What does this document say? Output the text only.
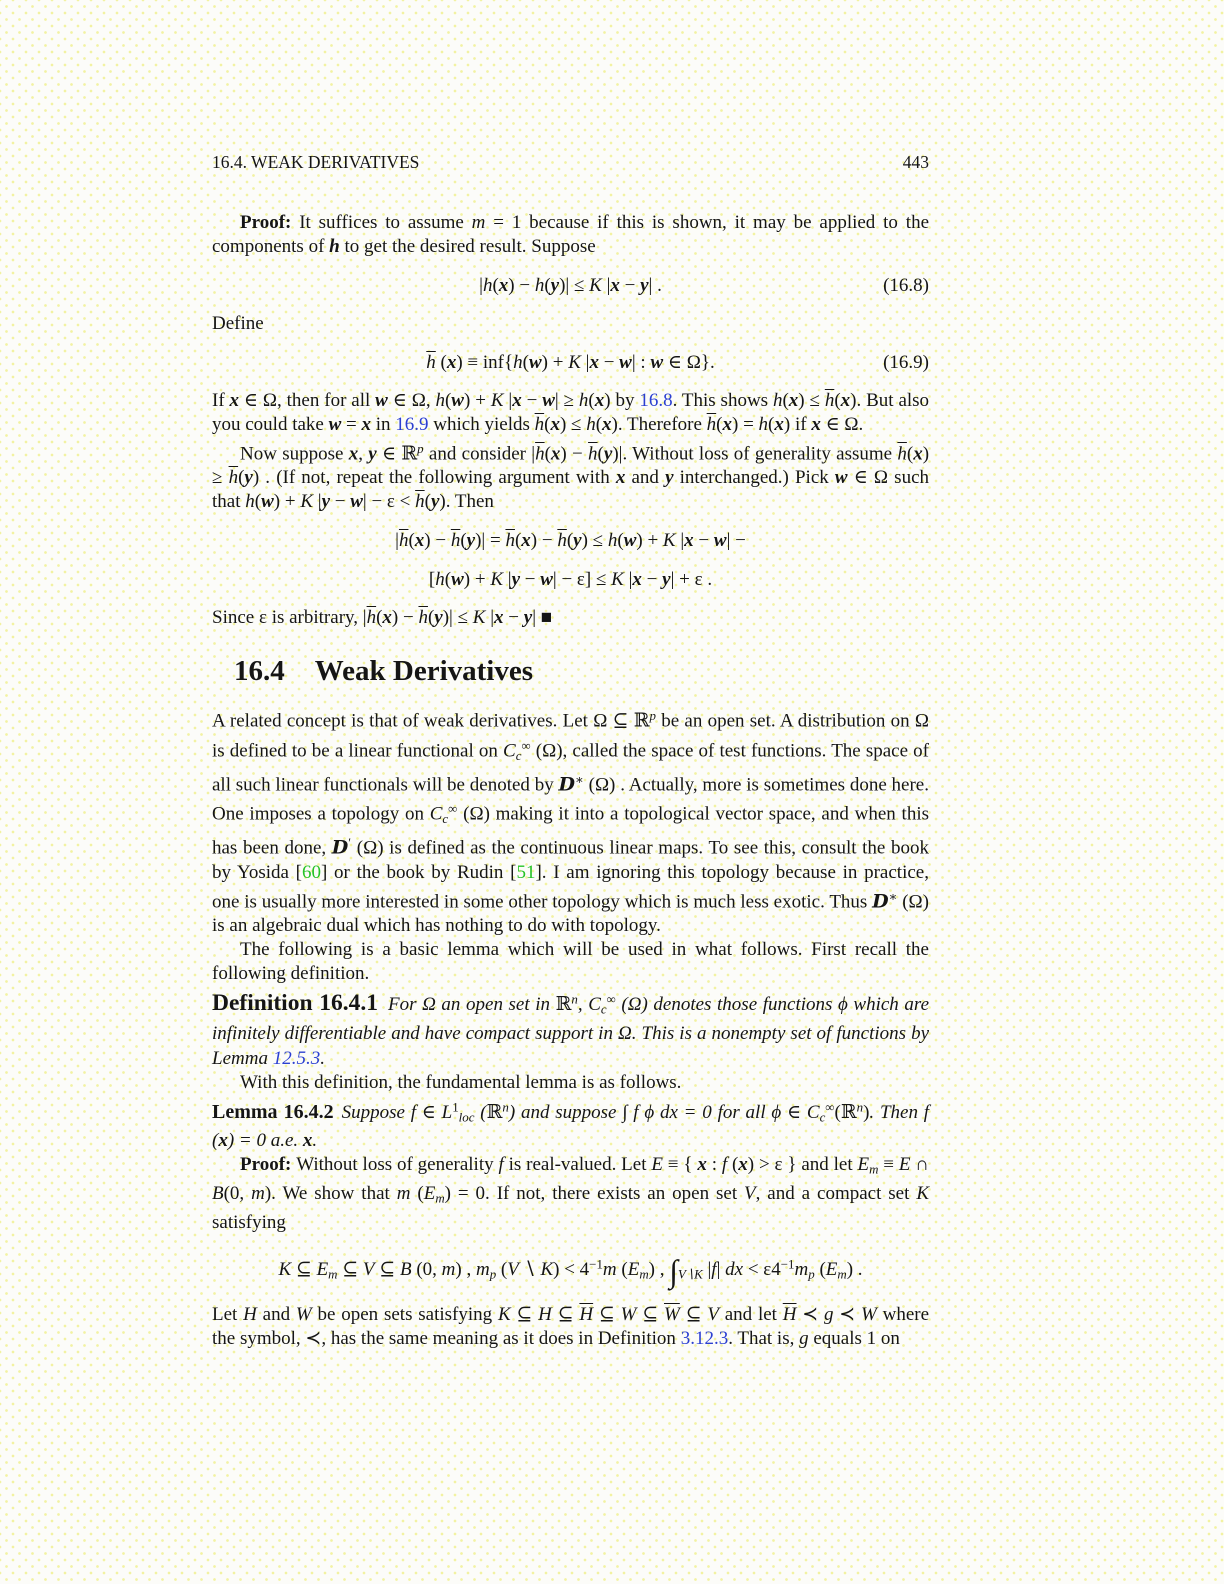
16.4. WEAK DERIVATIVES	443

Proof: It suffices to assume m = 1 because if this is shown, it may be applied to the components of h to get the desired result. Suppose

|h(x) − h(y)| ≤ K |x − y| .	(16.8)

Define

$\overline{h}$ (x) ≡ inf{h(w) + K |x − w| : w ∈ Ω}.	(16.9)

If x ∈ Ω, then for all w ∈ Ω, h(w) + K |x − w| ≥ h(x) by 16.8. This shows $h(x) \le \overline{h}(x)$. But also you could take w = x in 16.9 which yields $\overline{h}(x) \le h(x)$. Therefore $\overline{h}(x) = h(x)$ if x ∈ Ω.

Now suppose x, y ∈ ℝ$^p$ and consider $|\overline{h}(x) - \overline{h}(y)|$. Without loss of generality assume $\overline{h}(x) \ge \overline{h}(y)$ . (If not, repeat the following argument with x and y interchanged.) Pick w ∈ Ω such that h(w) + K $|y - w| - \varepsilon < \overline{h}(y)$. Then

$|\overline{h}(x) - \overline{h}(y)| = \overline{h}(x) - \overline{h}(y) \le h(w) + K$ |x − w| −
[h(w) + K |y − w| − ε] ≤ K |x − y| + ε .

Since ε is arbitrary, $|\overline{h}(x) - \overline{h}(y)| \le K$ |x − y| ■

16.4 Weak Derivatives

A related concept is that of weak derivatives. Let Ω ⊆ ℝ$^p$ be an open set. A distribution on Ω is defined to be a linear functional on Cc∞ (Ω), called the space of test functions. The space of all such linear functionals will be denoted by D∗ (Ω) . Actually, more is sometimes done here. One imposes a topology on Cc∞ (Ω) making it into a topological vector space, and when this has been done, D′ (Ω) is defined as the continuous linear maps. To see this, consult the book by Yosida [60] or the book by Rudin [51]. I am ignoring this topology because in practice, one is usually more interested in some other topology which is much less exotic. Thus D∗ (Ω) is an algebraic dual which has nothing to do with topology.

The following is a basic lemma which will be used in what follows. First recall the following definition.

Definition 16.4.1 For Ω an open set in ℝ$^n$, Cc∞ (Ω) denotes those functions ϕ which are infinitely differentiable and have compact support in Ω. This is a nonempty set of functions by Lemma 12.5.3.

With this definition, the fundamental lemma is as follows.

Lemma 16.4.2 Suppose f ∈ $L^1loc$ (ℝ$^n$) and suppose ∫ f ϕ dx = 0 for all ϕ ∈ Cc∞(ℝ$^n$). Then f (x) = 0 a.e. x.

Proof: Without loss of generality f is real-valued. Let E ≡ { x : f (x) > ε } and let Em ≡ E ∩ B(0, m). We show that m (Em) = 0. If not, there exists an open set V, and a compact set K satisfying

K ⊆ Em ⊆ V ⊆ B (0, m) , mp (V ∖ $K) < 4^{-1}m$ (Em) , ∫V∖K |f| dx < $\varepsilon 4^{-1}mp$ (Em) .

Let H and W be open sets satisfying K ⊆ H ⊆ $\overline{H}$ ⊆ W ⊆ $\overline{W}$ ⊆ V and let $\overline{H}$ ≺ g ≺ W where the symbol, ≺, has the same meaning as it does in Definition 3.12.3. That is, g equals 1 on
